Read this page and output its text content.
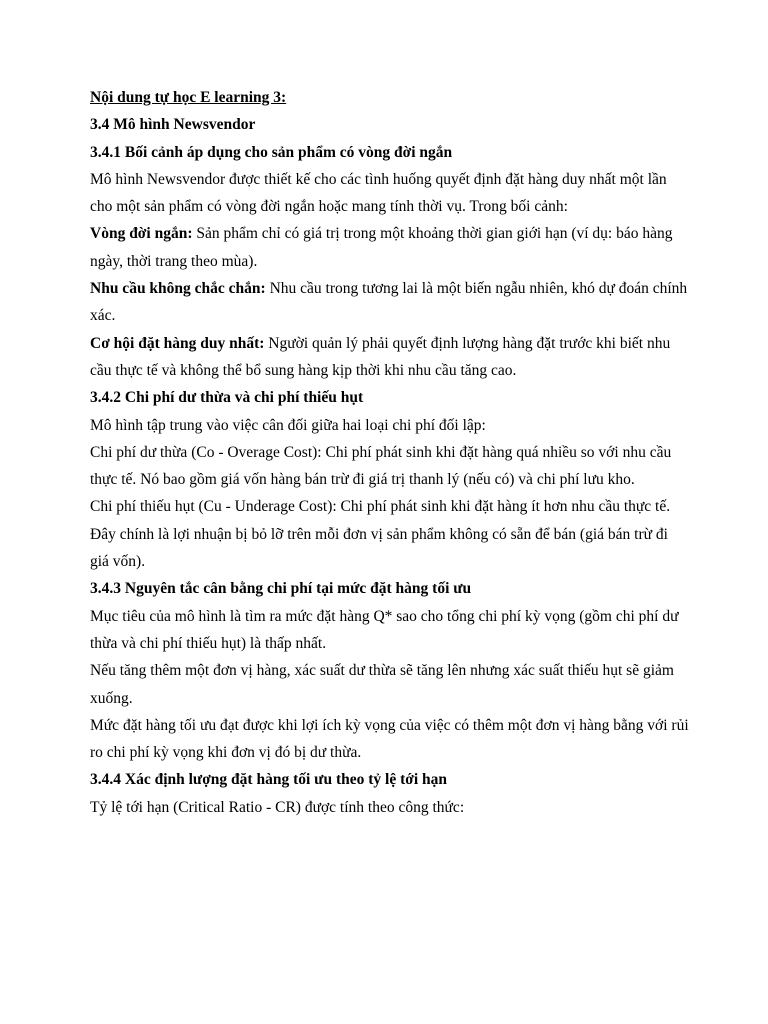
Nội dung tự học E learning 3:

3.4 Mô hình Newsvendor

3.4.1 Bối cảnh áp dụng cho sản phẩm có vòng đời ngắn

Mô hình Newsvendor được thiết kế cho các tình huống quyết định đặt hàng duy nhất một lần cho một sản phẩm có vòng đời ngắn hoặc mang tính thời vụ. Trong bối cảnh:

Vòng đời ngắn: Sản phẩm chỉ có giá trị trong một khoảng thời gian giới hạn (ví dụ: báo hàng ngày, thời trang theo mùa).

Nhu cầu không chắc chắn: Nhu cầu trong tương lai là một biến ngẫu nhiên, khó dự đoán chính xác.

Cơ hội đặt hàng duy nhất: Người quản lý phải quyết định lượng hàng đặt trước khi biết nhu cầu thực tế và không thể bổ sung hàng kịp thời khi nhu cầu tăng cao.

3.4.2 Chi phí dư thừa và chi phí thiếu hụt

Mô hình tập trung vào việc cân đối giữa hai loại chi phí đối lập:

Chi phí dư thừa (Co - Overage Cost): Chi phí phát sinh khi đặt hàng quá nhiều so với nhu cầu thực tế. Nó bao gồm giá vốn hàng bán trừ đi giá trị thanh lý (nếu có) và chi phí lưu kho.

Chi phí thiếu hụt (Cu - Underage Cost): Chi phí phát sinh khi đặt hàng ít hơn nhu cầu thực tế. Đây chính là lợi nhuận bị bỏ lỡ trên mỗi đơn vị sản phẩm không có sẵn để bán (giá bán trừ đi giá vốn).

3.4.3 Nguyên tắc cân bằng chi phí tại mức đặt hàng tối ưu

Mục tiêu của mô hình là tìm ra mức đặt hàng Q* sao cho tổng chi phí kỳ vọng (gồm chi phí dư thừa và chi phí thiếu hụt) là thấp nhất.

Nếu tăng thêm một đơn vị hàng, xác suất dư thừa sẽ tăng lên nhưng xác suất thiếu hụt sẽ giảm xuống.

Mức đặt hàng tối ưu đạt được khi lợi ích kỳ vọng của việc có thêm một đơn vị hàng bằng với rủi ro chi phí kỳ vọng khi đơn vị đó bị dư thừa.

3.4.4 Xác định lượng đặt hàng tối ưu theo tỷ lệ tới hạn

Tỷ lệ tới hạn (Critical Ratio - CR) được tính theo công thức:
